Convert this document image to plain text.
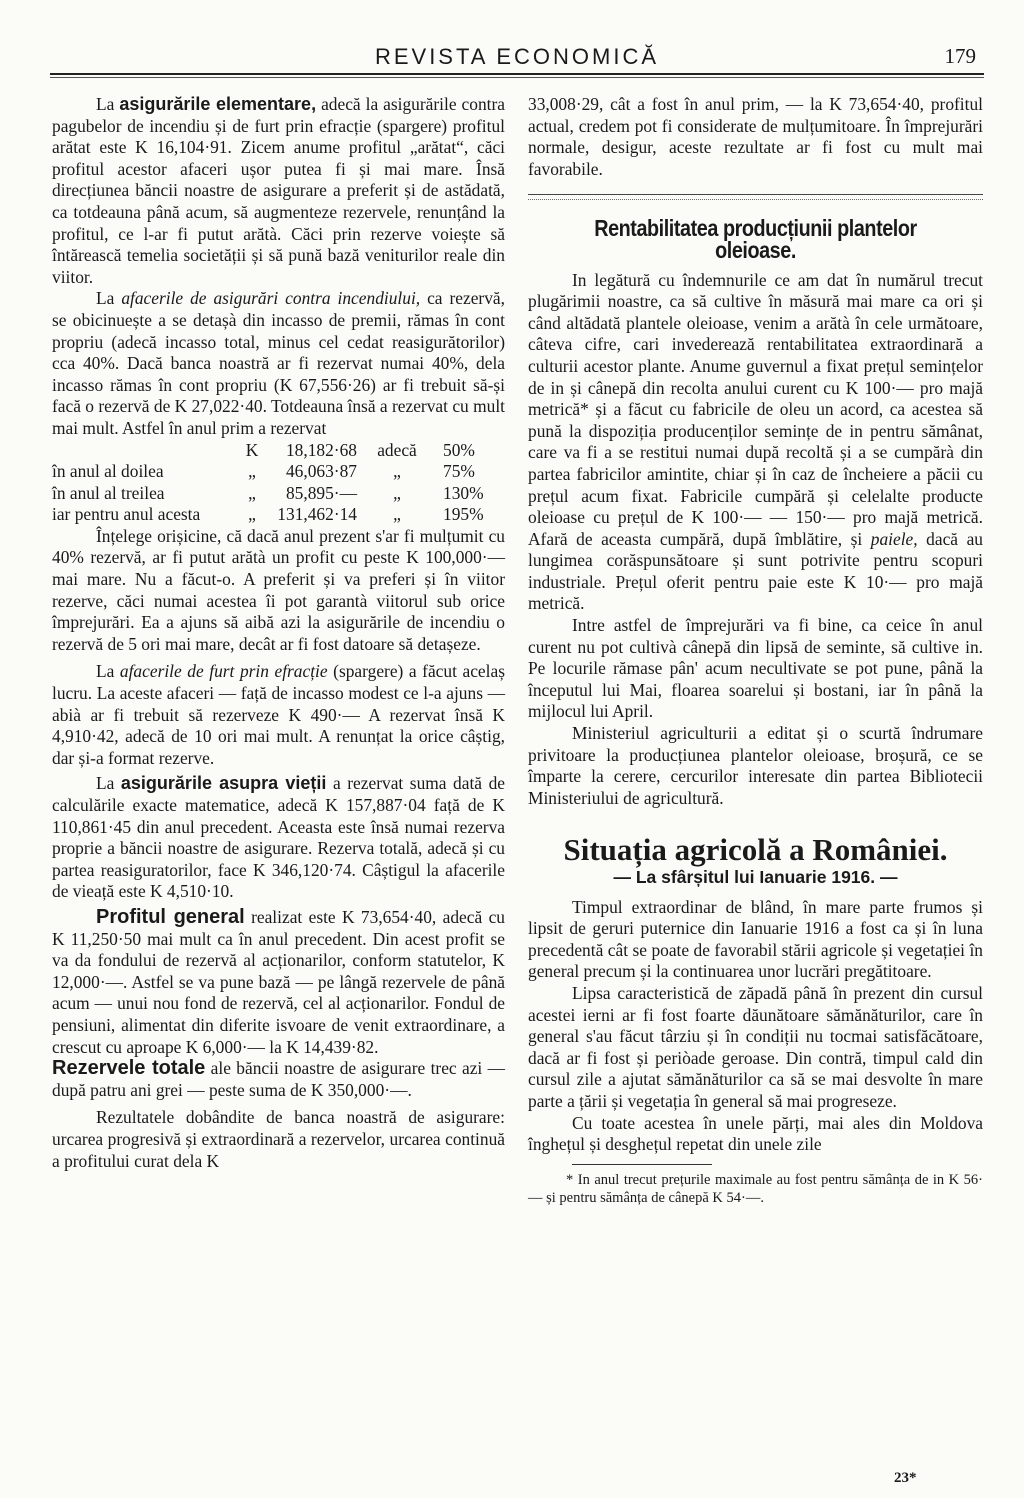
REVISTA ECONOMICĂ	179

La asigurările elementare, adecă la asigurările contra pagubelor de incendiu și de furt prin efracție (spargere) profitul arătat este K 16,104·91. Zicem anume profitul „arătat“, căci profitul acestor afaceri ușor putea fi și mai mare. Însă direcțiunea băncii noastre de asigurare a preferit și de astădată, ca totdeauna până acum, să augmenteze rezervele, renunțând la profitul, ce l-ar fi putut arătà. Căci prin rezerve voiește să întărească temelia societății și să pună bază veniturilor reale din viitor.

La afacerile de asigurări contra incendiului, ca rezervă, se obicinuește a se detașà din incasso de premii, rămas în cont propriu (adecă incasso total, minus cel cedat reasigurătorilor) cca 40%. Dacă banca noastră ar fi rezervat numai 40%, dela incasso rămas în cont propriu (K 67,556·26) ar fi trebuit să-și facă o rezervă de K 27,022·40. Totdeauna însă a rezervat cu mult mai mult. Astfel în anul prim a rezervat

	K	18,182·68	adecă	50%
în anul al doilea	„	46,063·87	„	75%
în anul al treilea	„	85,895·—	„	130%
iar pentru anul acesta	„	131,462·14	„	195%

Înțelege orișicine, că dacă anul prezent s'ar fi mulțumit cu 40% rezervă, ar fi putut arătà un profit cu peste K 100,000·— mai mare. Nu a făcut-o. A preferit și va preferi și în viitor rezerve, căci numai acestea îi pot garantà viitorul sub orice împrejurări. Ea a ajuns să aibă azi la asigurările de incendiu o rezervă de 5 ori mai mare, decât ar fi fost datoare să detașeze.

La afacerile de furt prin efracție (spargere) a făcut acelaș lucru. La aceste afaceri — față de incasso modest ce l-a ajuns — abià ar fi trebuit să rezerveze K 490·— A rezervat însă K 4,910·42, adecă de 10 ori mai mult. A renunțat la orice câștig, dar și-a format rezerve.

La asigurările asupra vieții a rezervat suma dată de calculările exacte matematice, adecă K 157,887·04 față de K 110,861·45 din anul precedent. Aceasta este însă numai rezerva proprie a băncii noastre de asigurare. Rezerva totală, adecă și cu partea reasiguratorilor, face K 346,120·74. Câștigul la afacerile de vieață este K 4,510·10.

Profitul general realizat este K 73,654·40, adecă cu K 11,250·50 mai mult ca în anul precedent. Din acest profit se va da fondului de rezervă al acționarilor, conform statutelor, K 12,000·—. Astfel se va pune bază — pe lângă rezervele de până acum — unui nou fond de rezervă, cel al acționarilor. Fondul de pensiuni, alimentat din diferite isvoare de venit extraordinare, a crescut cu aproape K 6,000·— la K 14,439·82.

Rezervele totale ale băncii noastre de asigurare trec azi — după patru ani grei — peste suma de K 350,000·—.

Rezultatele dobândite de banca noastră de asigurare: urcarea progresivă și extraordinară a rezervelor, urcarea continuă a profitului curat dela K

33,008·29, cât a fost în anul prim, — la K 73,654·40, profitul actual, credem pot fi considerate de mulțumitoare. În împrejurări normale, desigur, aceste rezultate ar fi fost cu mult mai favorabile.

Rentabilitatea producțiunii plantelor oleioase.

In legătură cu îndemnurile ce am dat în numărul trecut plugărimii noastre, ca să cultive în măsură mai mare ca ori și când altădată plantele oleioase, venim a arătà în cele următoare, câteva cifre, cari invederează rentabilitatea extraordinară a culturii acestor plante. Anume guvernul a fixat prețul semințelor de in și cânepă din recolta anului curent cu K 100·— pro majă metrică* și a făcut cu fabricile de oleu un acord, ca acestea să pună la dispoziția producenților semințe de in pentru sămânat, care va fi a se restitui numai după recoltă și a se cumpărà din partea fabricilor amintite, chiar și în caz de încheiere a păcii cu prețul acum fixat. Fabricile cumpără și celelalte producte oleioase cu prețul de K 100·— — 150·— pro majă metrică. Afară de aceasta cumpără, după îmblătire, și paiele, dacă au lungimea corăspunsătoare și sunt potrivite pentru scopuri industriale. Prețul oferit pentru paie este K 10·— pro majă metrică.

Intre astfel de împrejurări va fi bine, ca ceice în anul curent nu pot cultivà cânepă din lipsă de seminte, să cultive in. Pe locurile rămase pân' acum necultivate se pot pune, până la începutul lui Mai, floarea soarelui și bostani, iar în până la mijlocul lui April.

Ministeriul agriculturii a editat și o scurtă îndrumare privitoare la producțiunea plantelor oleioase, broșură, ce se împarte la cerere, cercurilor interesate din partea Bibliotecii Ministeriului de agricultură.

Situația agricolă a României.
— La sfârșitul lui Ianuarie 1916. —

Timpul extraordinar de blând, în mare parte frumos și lipsit de geruri puternice din Ianuarie 1916 a fost ca și în luna precedentă cât se poate de favorabil stării agricole și vegetației în general precum și la continuarea unor lucrări pregătitoare.

Lipsa caracteristică de zăpadă până în prezent din cursul acestei ierni ar fi fost foarte dăunătoare sămănăturilor, care în general s'au făcut târziu și în condiții nu tocmai satisfăcătoare, dacă ar fi fost și periòade geroase. Din contră, timpul cald din cursul zile a ajutat sămănăturilor ca să se mai desvolte în mare parte a țării și vegetația în general să mai progreseze.

Cu toate acestea în unele părți, mai ales din Moldova înghețul și desghețul repetat din unele zile

* In anul trecut prețurile maximale au fost pentru sămânța de in K 56·— și pentru sămânța de cânepă K 54·—.
23*
